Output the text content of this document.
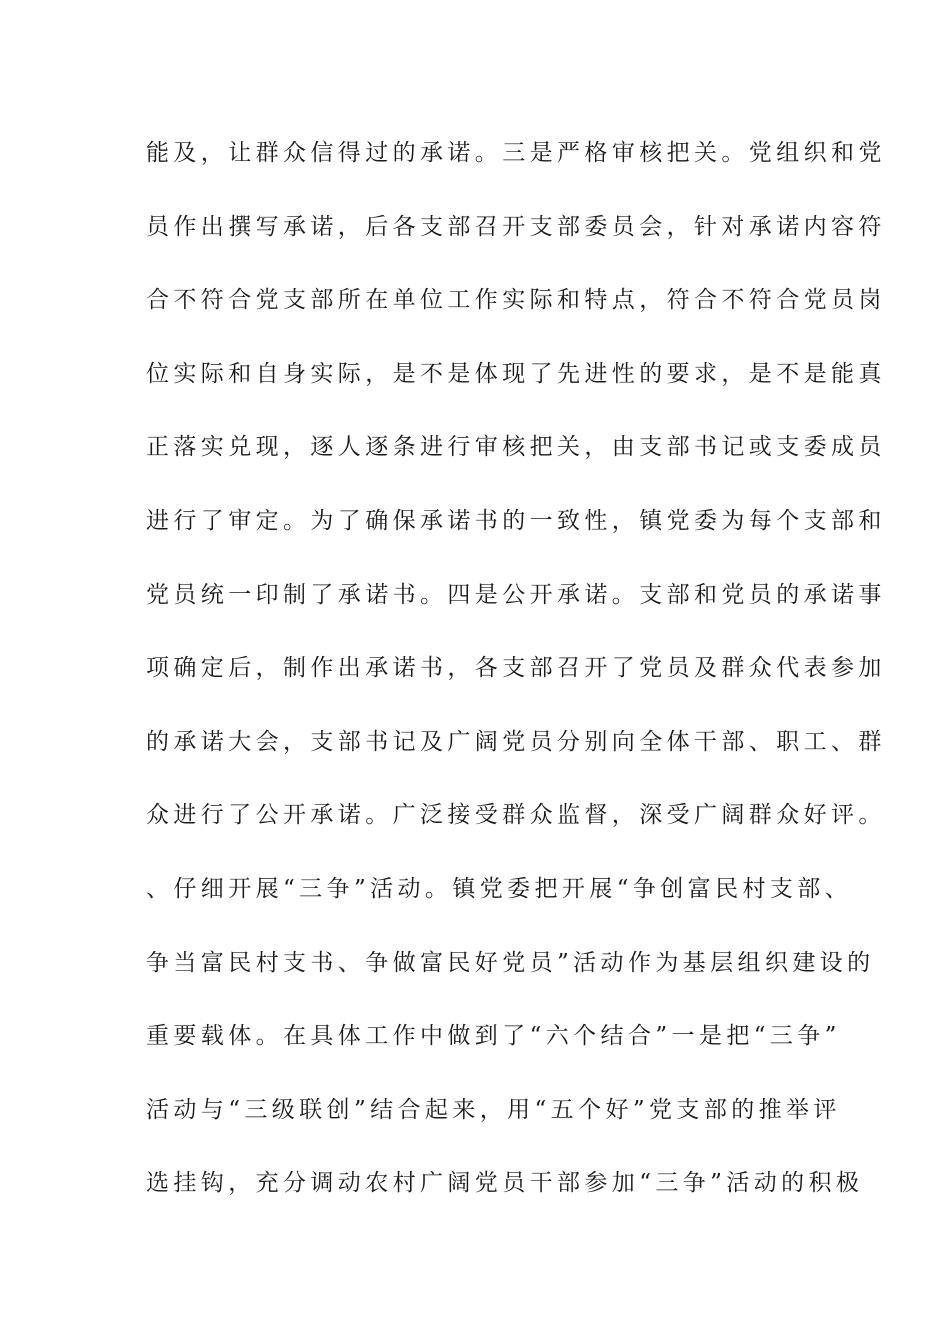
能及，让群众信得过的承诺。三是严格审核把关。党组织和党
员作出撰写承诺，后各支部召开支部委员会，针对承诺内容符
合不符合党支部所在单位工作实际和特点，符合不符合党员岗
位实际和自身实际，是不是体现了先进性的要求，是不是能真
正落实兑现，逐人逐条进行审核把关，由支部书记或支委成员
进行了审定。为了确保承诺书的一致性，镇党委为每个支部和
党员统一印制了承诺书。四是公开承诺。支部和党员的承诺事
项确定后，制作出承诺书，各支部召开了党员及群众代表参加
的承诺大会，支部书记及广阔党员分别向全体干部、职工、群
众进行了公开承诺。广泛接受群众监督，深受广阔群众好评。
、仔细开展“三争”活动。镇党委把开展“争创富民村支部、
争当富民村支书、争做富民好党员”活动作为基层组织建设的
重要载体。在具体工作中做到了“六个结合”一是把“三争”
活动与“三级联创”结合起来，用“五个好”党支部的推举评
选挂钩，充分调动农村广阔党员干部参加“三争”活动的积极
